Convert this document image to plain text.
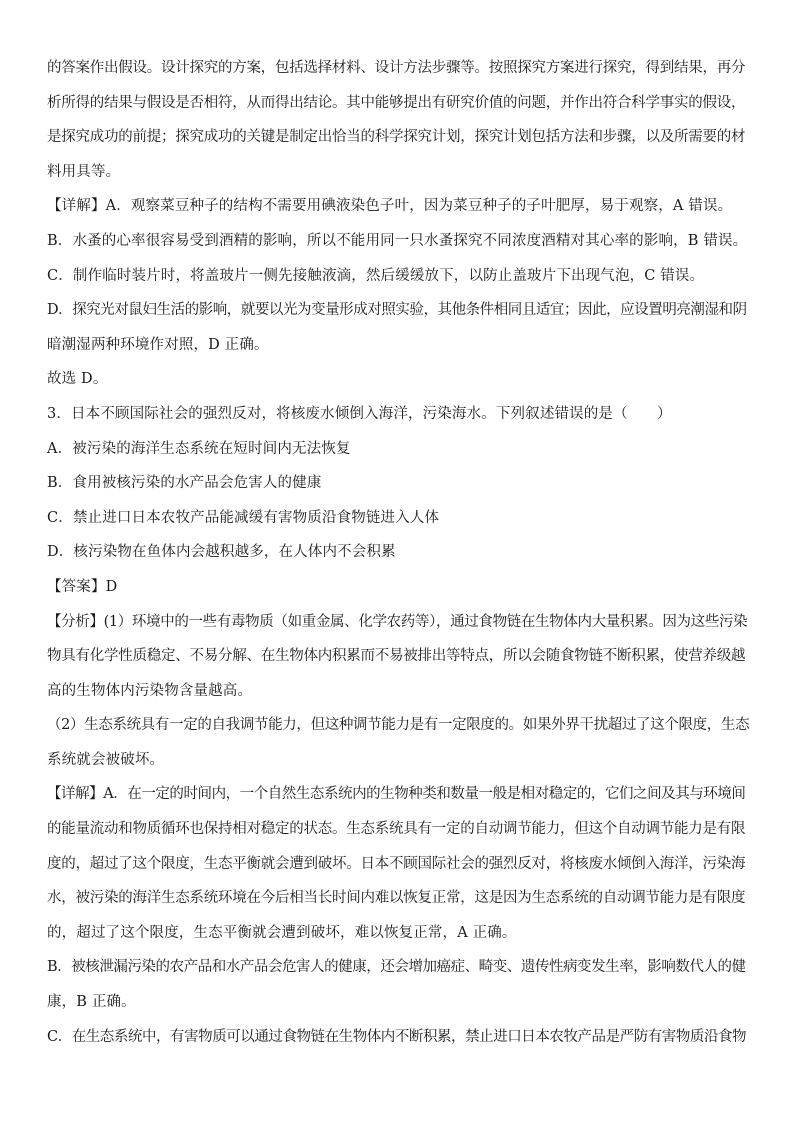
的答案作出假设。设计探究的方案，包括选择材料、设计方法步骤等。按照探究方案进行探究，得到结果，再分
析所得的结果与假设是否相符，从而得出结论。其中能够提出有研究价值的问题，并作出符合科学事实的假设，
是探究成功的前提；探究成功的关键是制定出恰当的科学探究计划，探究计划包括方法和步骤，以及所需要的材
料用具等。
【详解】A．观察菜豆种子的结构不需要用碘液染色子叶，因为菜豆种子的子叶肥厚，易于观察，A 错误。
B．水蚤的心率很容易受到酒精的影响，所以不能用同一只水蚤探究不同浓度酒精对其心率的影响，B 错误。
C．制作临时装片时，将盖玻片一侧先接触液滴，然后缓缓放下，以防止盖玻片下出现气泡，C 错误。
D．探究光对鼠妇生活的影响，就要以光为变量形成对照实验，其他条件相同且适宜；因此，应设置明亮潮湿和阴
暗潮湿两种环境作对照，D 正确。
故选 D。
3．日本不顾国际社会的强烈反对，将核废水倾倒入海洋，污染海水。下列叙述错误的是（　　）
A．被污染的海洋生态系统在短时间内无法恢复
B．食用被核污染的水产品会危害人的健康
C．禁止进口日本农牧产品能减缓有害物质沿食物链进入人体
D．核污染物在鱼体内会越积越多，在人体内不会积累
【答案】D
【分析】(1）环境中的一些有毒物质（如重金属、化学农药等），通过食物链在生物体内大量积累。因为这些污染
物具有化学性质稳定、不易分解、在生物体内积累而不易被排出等特点，所以会随食物链不断积累，使营养级越
高的生物体内污染物含量越高。
（2）生态系统具有一定的自我调节能力，但这种调节能力是有一定限度的。如果外界干扰超过了这个限度，生态
系统就会被破坏。
【详解】A．在一定的时间内，一个自然生态系统内的生物种类和数量一般是相对稳定的，它们之间及其与环境间
的能量流动和物质循环也保持相对稳定的状态。生态系统具有一定的自动调节能力，但这个自动调节能力是有限
度的，超过了这个限度，生态平衡就会遭到破坏。日本不顾国际社会的强烈反对，将核废水倾倒入海洋，污染海
水，被污染的海洋生态系统环境在今后相当长时间内难以恢复正常，这是因为生态系统的自动调节能力是有限度
的，超过了这个限度，生态平衡就会遭到破坏，难以恢复正常，A 正确。
B．被核泄漏污染的农产品和水产品会危害人的健康，还会增加癌症、畸变、遗传性病变发生率，影响数代人的健
康，B 正确。
C．在生态系统中，有害物质可以通过食物链在生物体内不断积累，禁止进口日本农牧产品是严防有害物质沿食物
